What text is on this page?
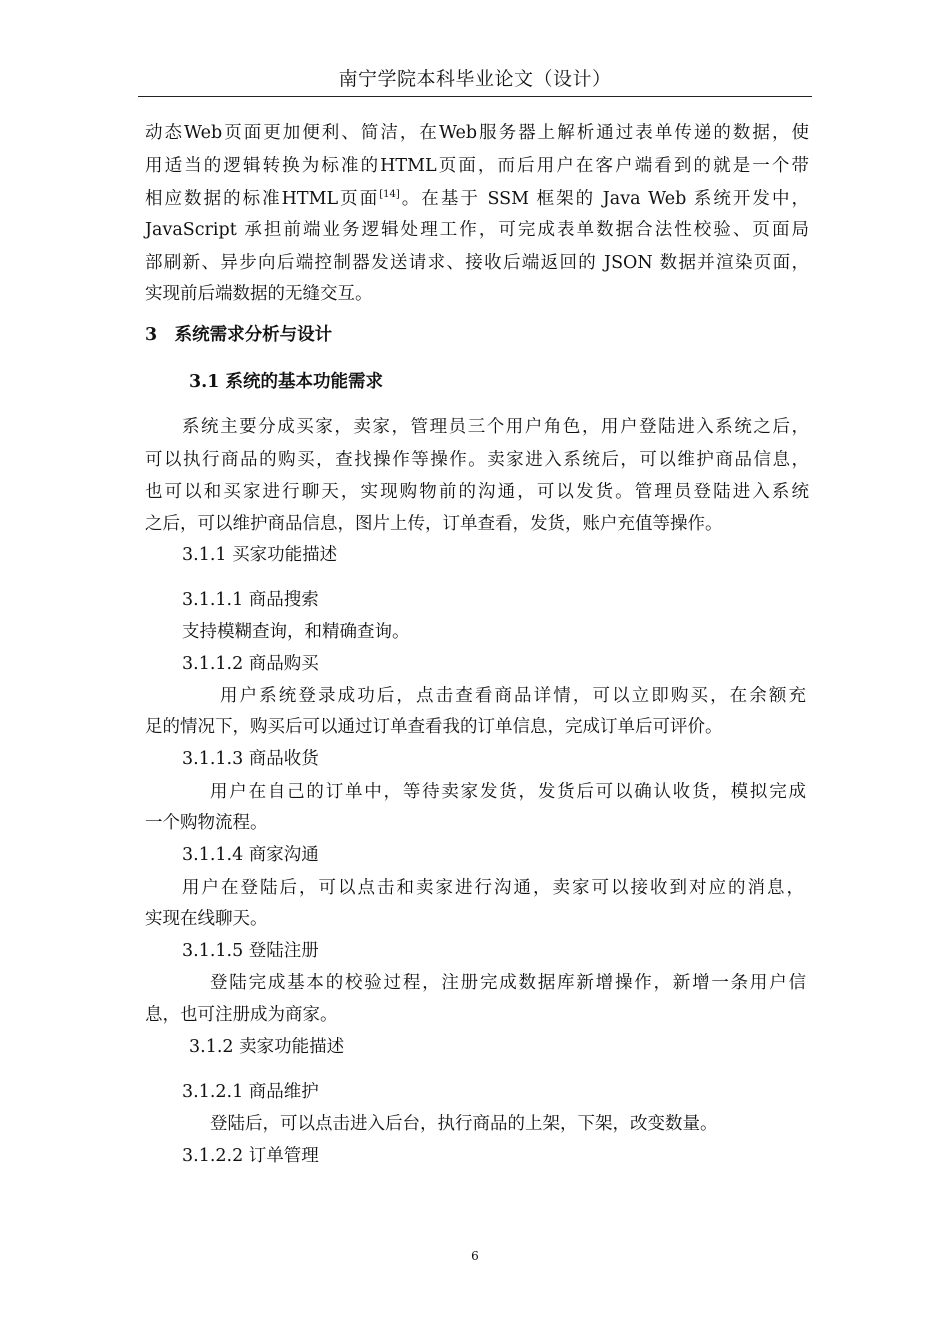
南宁学院本科毕业论文（设计）
动态Web页面更加便利、简洁，在Web服务器上解析通过表单传递的数据，使
用适当的逻辑转换为标准的HTML页面，而后用户在客户端看到的就是一个带
相应数据的标准HTML页面[14]。在基于 SSM 框架的 Java Web 系统开发中，
JavaScript 承担前端业务逻辑处理工作，可完成表单数据合法性校验、页面局
部刷新、异步向后端控制器发送请求、接收后端返回的 JSON 数据并渲染页面，
实现前后端数据的无缝交互。
3　系统需求分析与设计
3.1 系统的基本功能需求
系统主要分成买家，卖家，管理员三个用户角色，用户登陆进入系统之后，
可以执行商品的购买，查找操作等操作。卖家进入系统后，可以维护商品信息，
也可以和买家进行聊天，实现购物前的沟通，可以发货。管理员登陆进入系统
之后，可以维护商品信息，图片上传，订单查看，发货，账户充值等操作。
3.1.1 买家功能描述
3.1.1.1 商品搜索
支持模糊查询，和精确查询。
3.1.1.2 商品购买
用户系统登录成功后，点击查看商品详情，可以立即购买，在余额充
足的情况下，购买后可以通过订单查看我的订单信息，完成订单后可评价。
3.1.1.3 商品收货
用户在自己的订单中，等待卖家发货，发货后可以确认收货，模拟完成
一个购物流程。
3.1.1.4 商家沟通
用户在登陆后，可以点击和卖家进行沟通，卖家可以接收到对应的消息，
实现在线聊天。
3.1.1.5 登陆注册
登陆完成基本的校验过程，注册完成数据库新增操作，新增一条用户信
息，也可注册成为商家。
3.1.2 卖家功能描述
3.1.2.1 商品维护
登陆后，可以点击进入后台，执行商品的上架，下架，改变数量。
3.1.2.2 订单管理
6
